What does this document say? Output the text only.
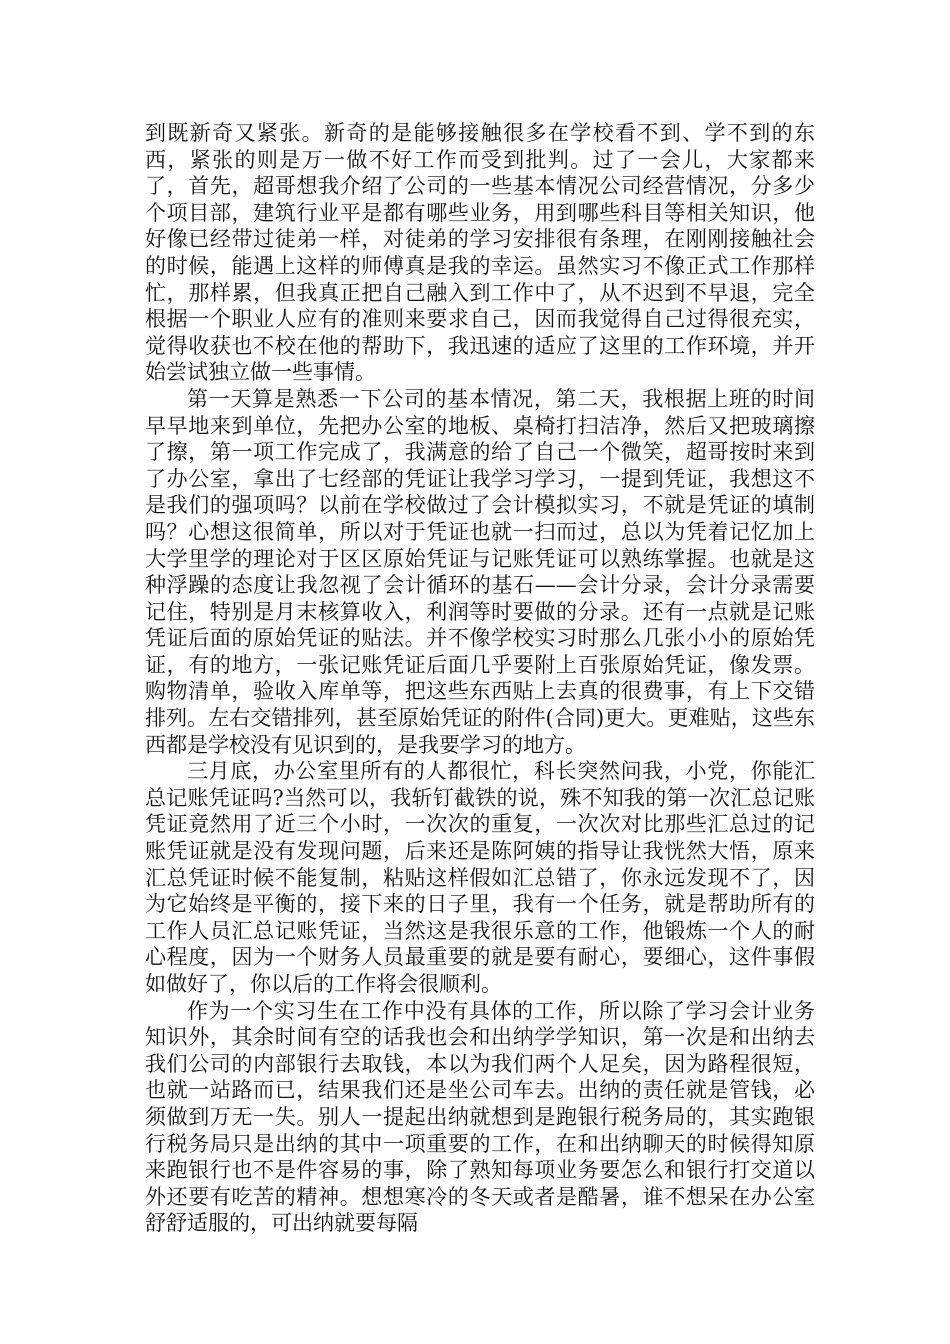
到既新奇又紧张。新奇的是能够接触很多在学校看不到、学不到的东西，紧张的则是万一做不好工作而受到批判。过了一会儿，大家都来了，首先，超哥想我介绍了公司的一些基本情况公司经营情况，分多少个项目部，建筑行业平是都有哪些业务，用到哪些科目等相关知识，他好像已经带过徒弟一样，对徒弟的学习安排很有条理，在刚刚接触社会的时候，能遇上这样的师傅真是我的幸运。虽然实习不像正式工作那样忙，那样累，但我真正把自己融入到工作中了，从不迟到不早退，完全根据一个职业人应有的准则来要求自己，因而我觉得自己过得很充实，觉得收获也不校在他的帮助下，我迅速的适应了这里的工作环境，并开始尝试独立做一些事情。

第一天算是熟悉一下公司的基本情况，第二天，我根据上班的时间早早地来到单位，先把办公室的地板、桌椅打扫洁净，然后又把玻璃擦了擦，第一项工作完成了，我满意的给了自己一个微笑，超哥按时来到了办公室，拿出了七经部的凭证让我学习学习，一提到凭证，我想这不是我们的强项吗？以前在学校做过了会计模拟实习，不就是凭证的填制吗？心想这很简单，所以对于凭证也就一扫而过，总以为凭着记忆加上大学里学的理论对于区区原始凭证与记账凭证可以熟练掌握。也就是这种浮躁的态度让我忽视了会计循环的基石——会计分录，会计分录需要记住，特别是月末核算收入，利润等时要做的分录。还有一点就是记账凭证后面的原始凭证的贴法。并不像学校实习时那么几张小小的原始凭证，有的地方，一张记账凭证后面几乎要附上百张原始凭证，像发票。购物清单，验收入库单等，把这些东西贴上去真的很费事，有上下交错排列。左右交错排列，甚至原始凭证的附件(合同)更大。更难贴，这些东西都是学校没有见识到的，是我要学习的地方。

三月底，办公室里所有的人都很忙，科长突然问我，小党，你能汇总记账凭证吗?当然可以，我斩钉截铁的说，殊不知我的第一次汇总记账凭证竟然用了近三个小时，一次次的重复，一次次对比那些汇总过的记账凭证就是没有发现问题，后来还是陈阿姨的指导让我恍然大悟，原来汇总凭证时候不能复制，粘贴这样假如汇总错了，你永远发现不了，因为它始终是平衡的，接下来的日子里，我有一个任务，就是帮助所有的工作人员汇总记账凭证，当然这是我很乐意的工作，他锻炼一个人的耐心程度，因为一个财务人员最重要的就是要有耐心，要细心，这件事假如做好了，你以后的工作将会很顺利。

作为一个实习生在工作中没有具体的工作，所以除了学习会计业务知识外，其余时间有空的话我也会和出纳学学知识，第一次是和出纳去我们公司的内部银行去取钱，本以为我们两个人足矣，因为路程很短，也就一站路而已，结果我们还是坐公司车去。出纳的责任就是管钱，必须做到万无一失。别人一提起出纳就想到是跑银行税务局的，其实跑银行税务局只是出纳的其中一项重要的工作，在和出纳聊天的时候得知原来跑银行也不是件容易的事，除了熟知每项业务要怎么和银行打交道以外还要有吃苦的精神。想想寒冷的冬天或者是酷暑，谁不想呆在办公室舒舒适服的，可出纳就要每隔
